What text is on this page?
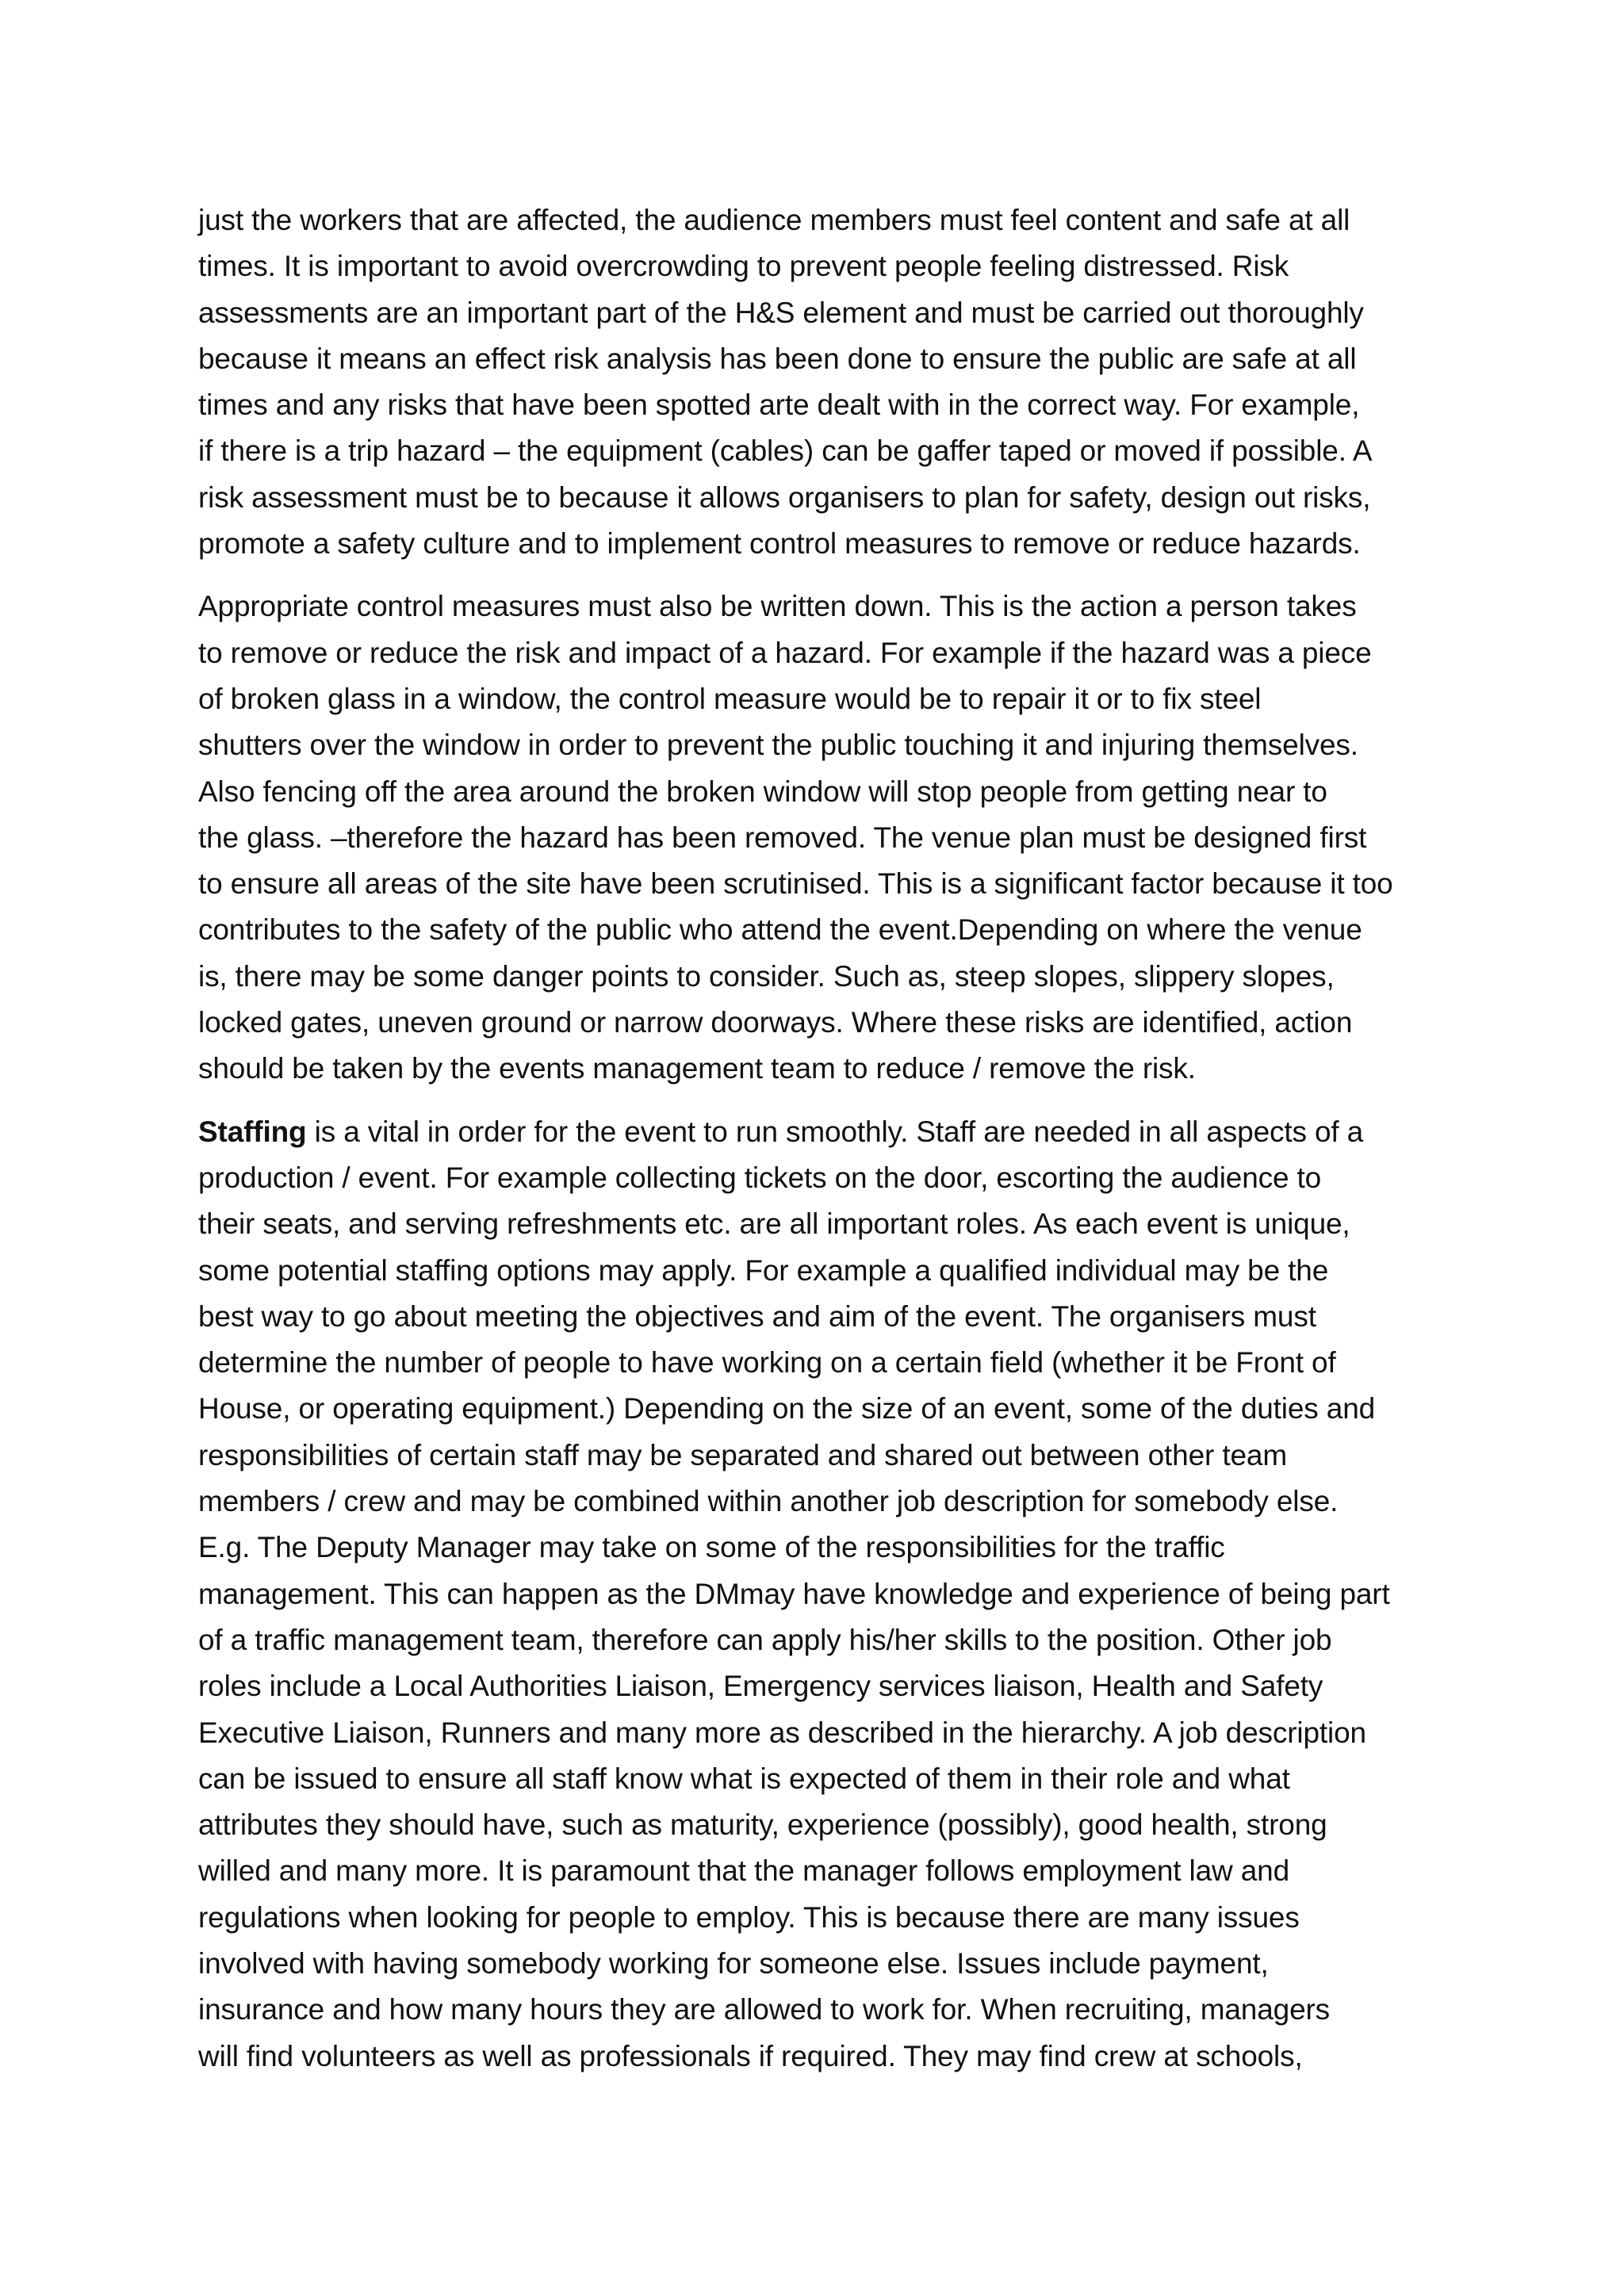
just the workers that are affected, the audience members must feel content and safe at all
times. It is important to avoid overcrowding to prevent people feeling distressed. Risk
assessments are an important part of the H&S element and must be carried out thoroughly
because it means an effect risk analysis has been done to ensure the public are safe at all
times and any risks that have been spotted arte dealt with in the correct way. For example,
if there is a trip hazard – the equipment (cables) can be gaffer taped or moved if possible. A
risk assessment must be to because it allows organisers to plan for safety, design out risks,
promote a safety culture and to implement control measures to remove or reduce hazards.

Appropriate control measures must also be written down. This is the action a person takes
to remove or reduce the risk and impact of a hazard. For example if the hazard was a piece
of broken glass in a window, the control measure would be to repair it or to fix steel
shutters over the window in order to prevent the public touching it and injuring themselves.
Also fencing off the area around the broken window will stop people from getting near to
the glass. –therefore the hazard has been removed. The venue plan must be designed first
to ensure all areas of the site have been scrutinised. This is a significant factor because it too
contributes to the safety of the public who attend the event.Depending on where the venue
is, there may be some danger points to consider. Such as, steep slopes, slippery slopes,
locked gates, uneven ground or narrow doorways. Where these risks are identified, action
should be taken by the events management team to reduce / remove the risk.

Staffing is a vital in order for the event to run smoothly. Staff are needed in all aspects of a
production / event. For example collecting tickets on the door, escorting the audience to
their seats, and serving refreshments etc. are all important roles. As each event is unique,
some potential staffing options may apply. For example a qualified individual may be the
best way to go about meeting the objectives and aim of the event. The organisers must
determine the number of people to have working on a certain field (whether it be Front of
House, or operating equipment.) Depending on the size of an event, some of the duties and
responsibilities of certain staff may be separated and shared out between other team
members / crew and may be combined within another job description for somebody else.
E.g. The Deputy Manager may take on some of the responsibilities for the traffic
management. This can happen as the DMmay have knowledge and experience of being part
of a traffic management team, therefore can apply his/her skills to the position. Other job
roles include a Local Authorities Liaison, Emergency services liaison, Health and Safety
Executive Liaison, Runners and many more as described in the hierarchy. A job description
can be issued to ensure all staff know what is expected of them in their role and what
attributes they should have, such as maturity, experience (possibly), good health, strong
willed and many more. It is paramount that the manager follows employment law and
regulations when looking for people to employ. This is because there are many issues
involved with having somebody working for someone else. Issues include payment,
insurance and how many hours they are allowed to work for. When recruiting, managers
will find volunteers as well as professionals if required. They may find crew at schools,
